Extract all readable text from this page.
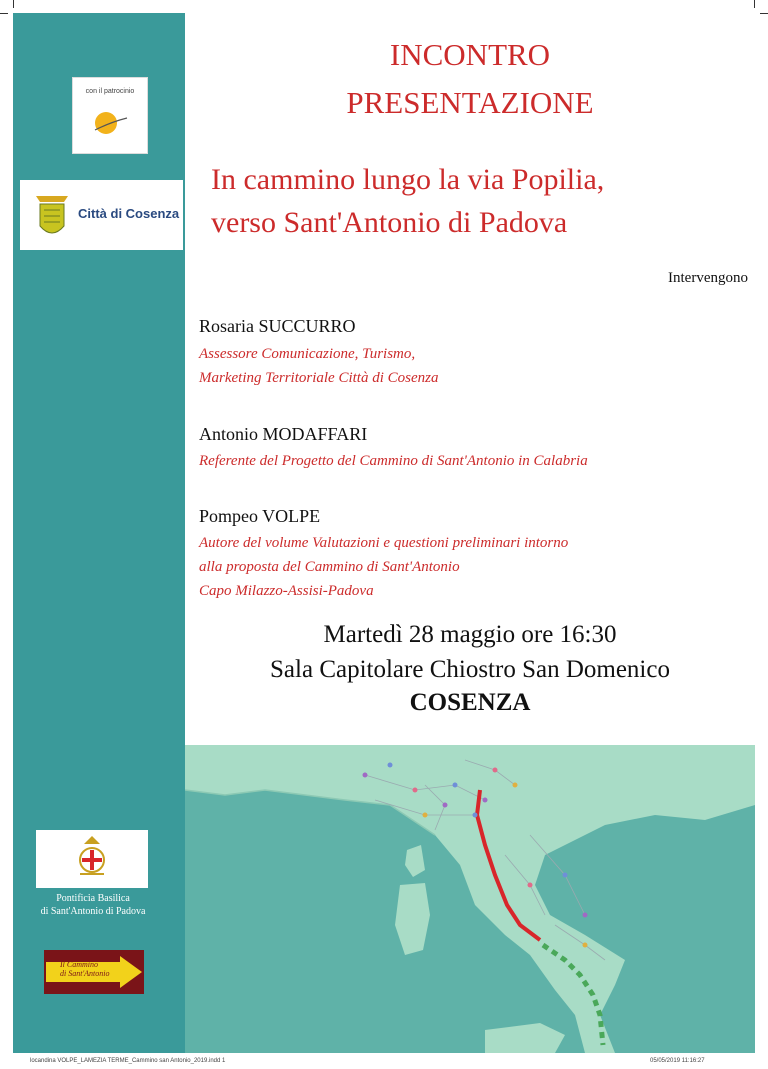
con il patrocinio
Città di Cosenza
Pontificia Basilica
di Sant'Antonio di Padova
Il Cammino
di Sant'Antonio
INCONTRO
PRESENTAZIONE
In cammino lungo la via Popilia,
verso Sant'Antonio di Padova
Intervengono
Rosaria SUCCURRO
Assessore Comunicazione, Turismo,
Marketing Territoriale Città di Cosenza
Antonio MODAFFARI
Referente del Progetto del Cammino di Sant'Antonio in Calabria
Pompeo VOLPE
Autore del volume Valutazioni e questioni preliminari intorno
alla proposta del Cammino di Sant'Antonio
Capo Milazzo-Assisi-Padova
Martedì 28 maggio ore 16:30
Sala Capitolare Chiostro San Domenico
COSENZA
locandina VOLPE_LAMEZIA TERME_Cammino san Antonio_2019.indd 1	05/05/2019 11:16:27
